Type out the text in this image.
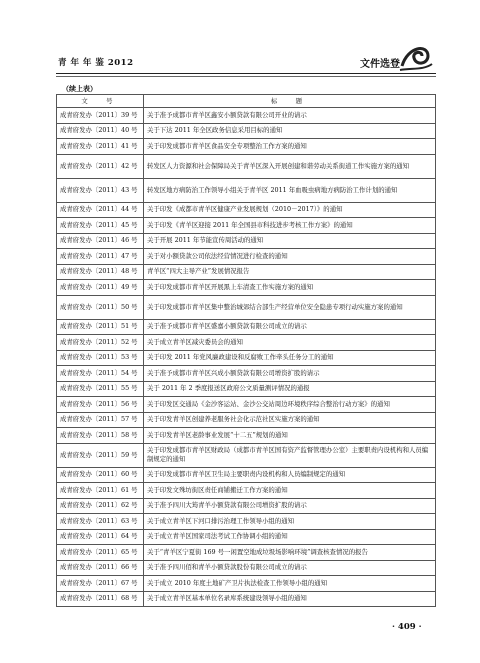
青 年 年 鉴 2012	文件选登
（续上表）
文　号	标　题
成青府发办〔2011〕39 号	关于准予成都市青羊区鑫安小额贷款有限公司开业的请示
成青府发办〔2011〕40 号	关于下达 2011 年全区政务信息采用目标的通知
成青府发办〔2011〕41 号	关于印发成都市青羊区食品安全专项整治工作方案的通知
成青府发办〔2011〕42 号	转发区人力资源和社会保障局关于青羊区深入开展创建和谐劳动关系街道工作实施方案的通知
成青府发办〔2011〕43 号	转发区地方病防治工作领导小组关于青羊区 2011 年血吸虫病地方病防治工作计划的通知
成青府发办〔2011〕44 号	关于印发《成都市青羊区健康产业发展规划（2010－2017）》的通知
成青府发办〔2011〕45 号	关于印发《青羊区迎接 2011 年全国县市科技进步考核工作方案》的通知
成青府发办〔2011〕46 号	关于开展 2011 年节能宣传周活动的通知
成青府发办〔2011〕47 号	关于对小额贷款公司依法经营情况进行检查的通知
成青府发办〔2011〕48 号	青羊区“四大主导产业”发展情况报告
成青府发办〔2011〕49 号	关于印发成都市青羊区开展黑上车清查工作实施方案的通知
成青府发办〔2011〕50 号	关于印发成都市青羊区集中整治城郊结合部生产经营单位安全隐患专项行动实施方案的通知
成青府发办〔2011〕51 号	关于准予成都市青羊区盛嘉小额贷款有限公司成立的请示
成青府发办〔2011〕52 号	关于成立青羊区减灾委员会的通知
成青府发办〔2011〕53 号	关于印发 2011 年党风廉政建设和反腐败工作牵头任务分工的通知
成青府发办〔2011〕54 号	关于准予成都市青羊区兴成小额贷款有限公司增资扩股的请示
成青府发办〔2011〕55 号	关于 2011 年 2 季度报送区政府公文质量测评情况的通报
成青府发办〔2011〕56 号	关于印发区交通局《金沙客运站、金沙公交站周边环境秩序综合整治行动方案》的通知
成青府发办〔2011〕57 号	关于印发青羊区创建养老服务社会化示范社区实施方案的通知
成青府发办〔2011〕58 号	关于印发青羊区老龄事业发展“十二五”规划的通知
成青府发办〔2011〕59 号	关于印发成都市青羊区财政局（成都市青羊区国有资产监督管理办公室）主要职责内设机构和人员编制规定的通知
成青府发办〔2011〕60 号	关于印发成都市青羊区卫生局主要职责内设机构和人员编制规定的通知
成青府发办〔2011〕61 号	关于印发文殊坊街区责任商铺搬迁工作方案的通知
成青府发办〔2011〕62 号	关于准予四川大筠青羊小额贷款有限公司增资扩股的请示
成青府发办〔2011〕63 号	关于成立青羊区下河口排污治理工作领导小组的通知
成青府发办〔2011〕64 号	关于成立青羊区国家司法考试工作协调小组的通知
成青府发办〔2011〕65 号	关于“青羊区宁夏街 169 号一闲置空地成垃圾场影响环境”调查核查情况的报告
成青府发办〔2011〕66 号	关于准予四川佰和青羊小额贷款股份有限公司成立的请示
成青府发办〔2011〕67 号	关于成立 2010 年度土地矿产卫片执法检查工作领导小组的通知
成青府发办〔2011〕68 号	关于成立青羊区基本单位名录库系统建设领导小组的通知
· 409 ·
